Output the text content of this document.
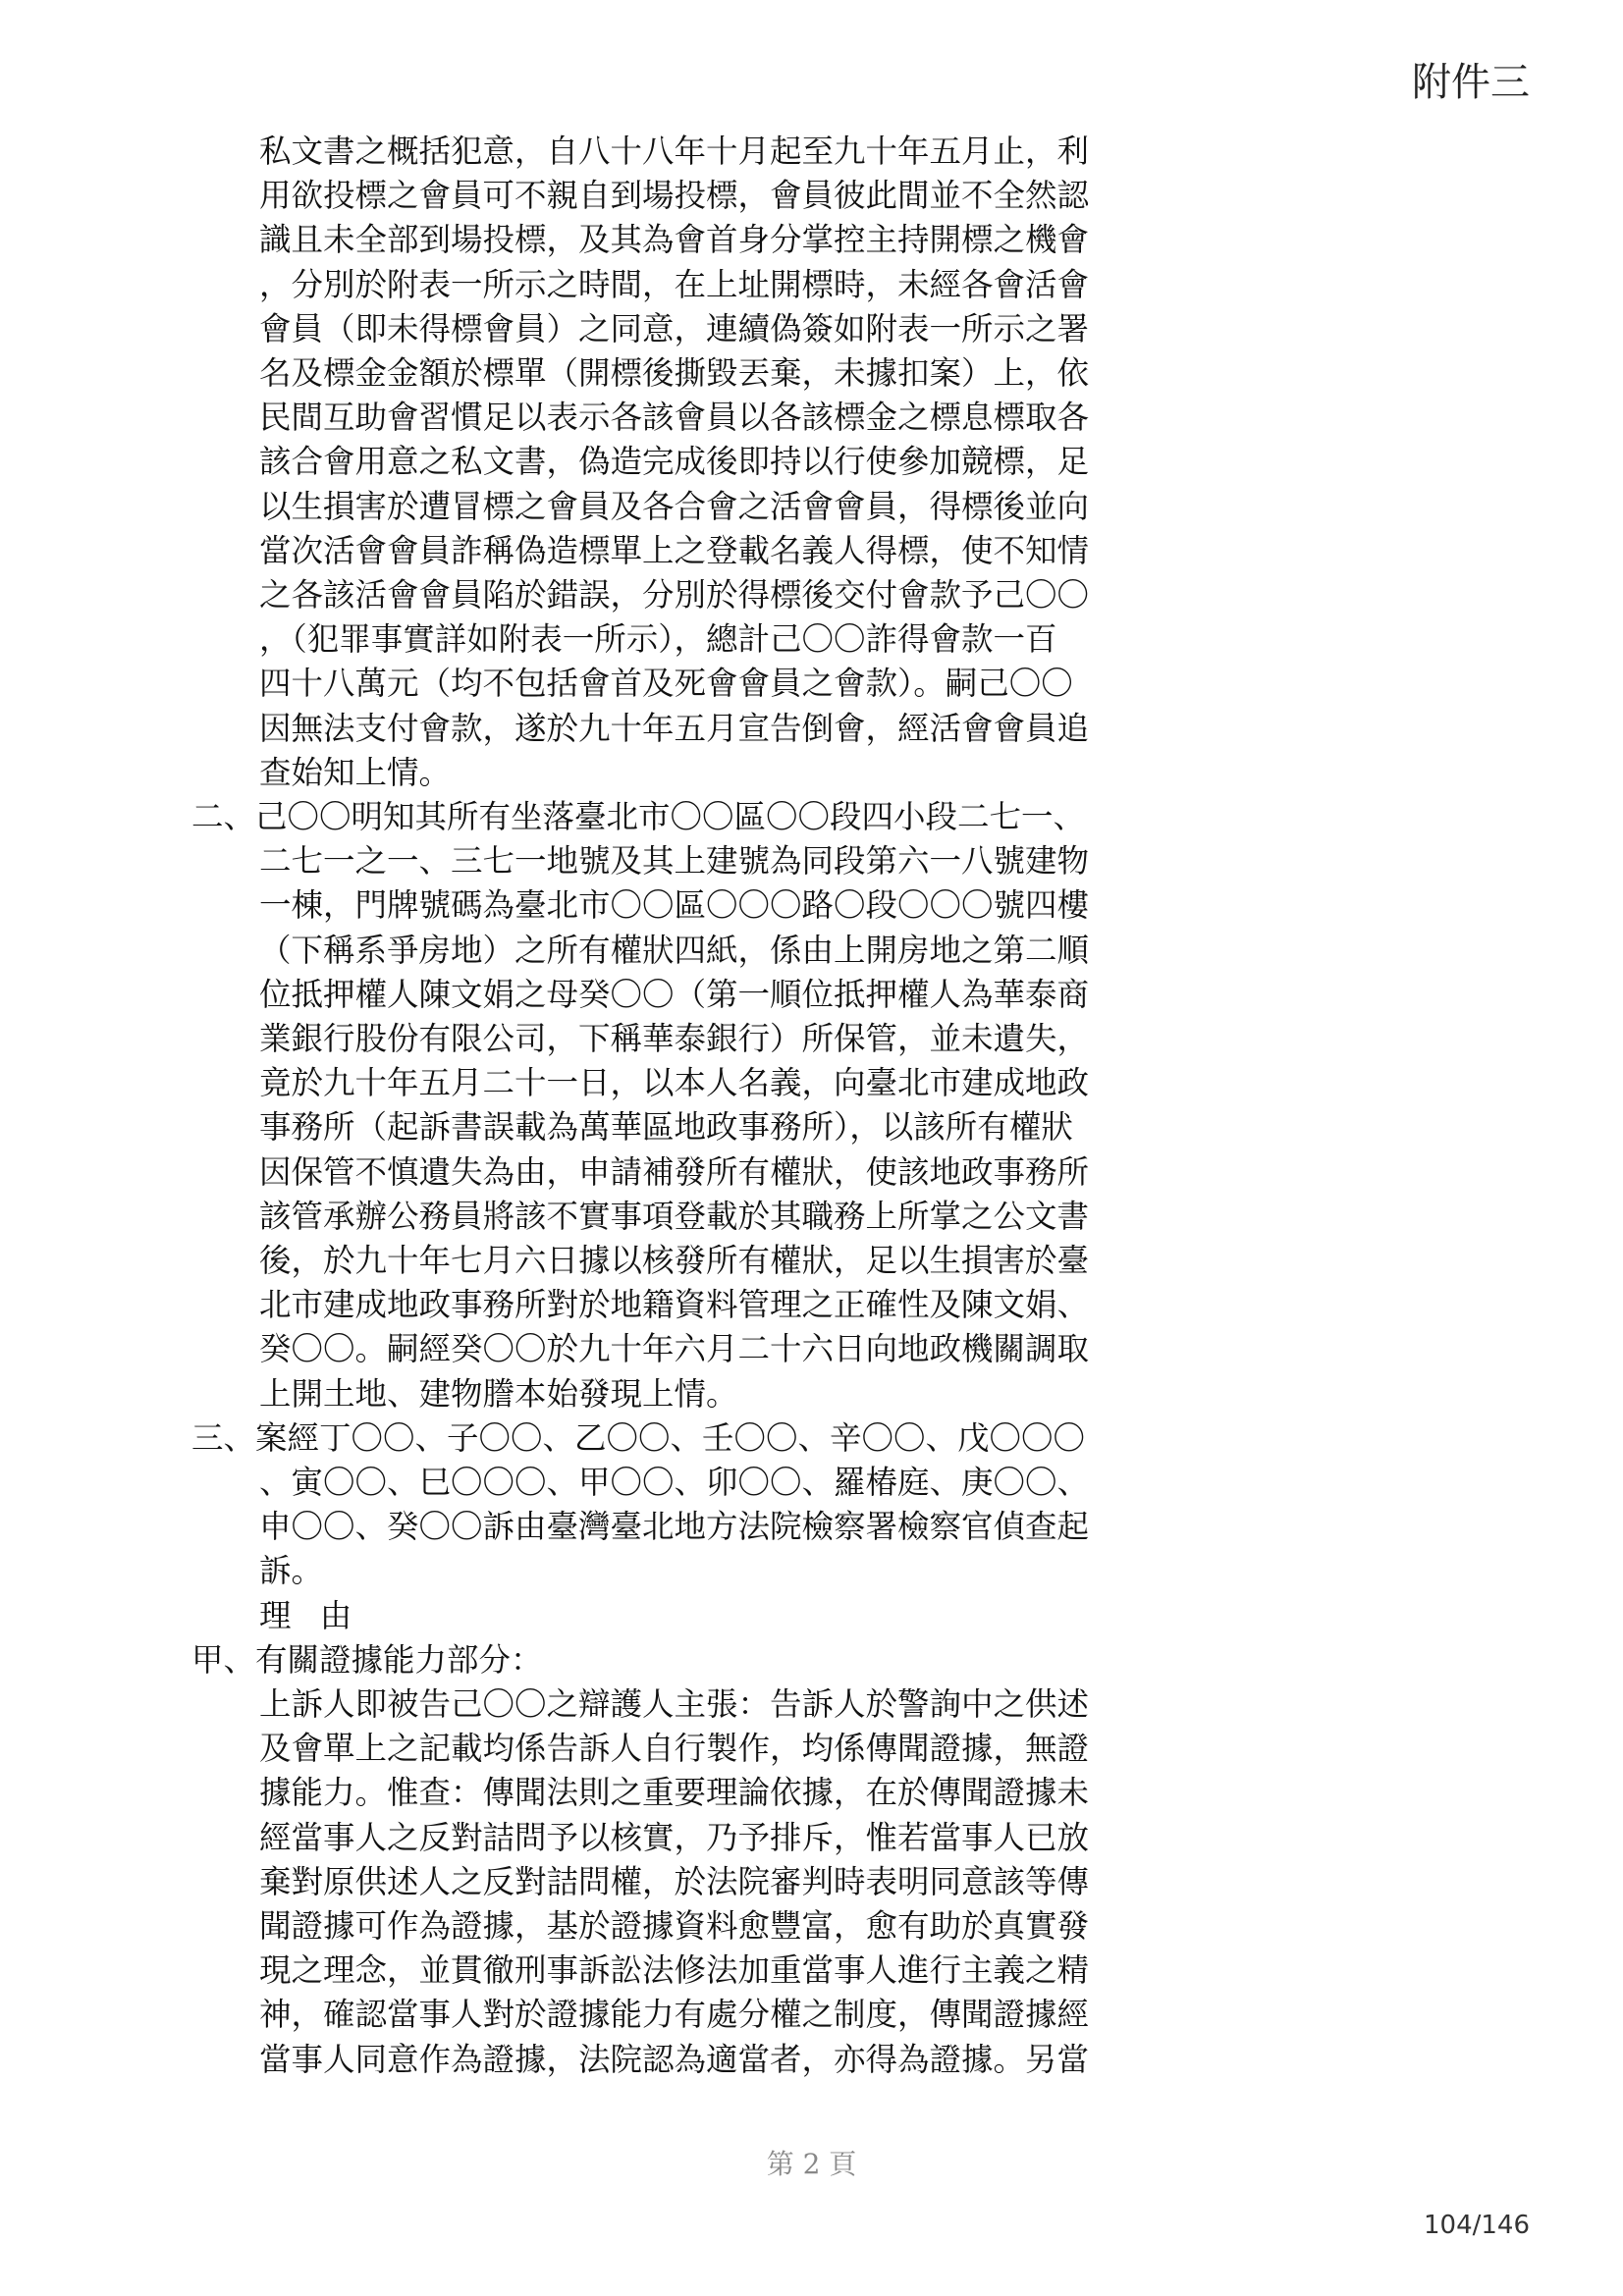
附件三
私文書之概括犯意，自八十八年十月起至九十年五月止，利
用欲投標之會員可不親自到場投標，會員彼此間並不全然認
識且未全部到場投標，及其為會首身分掌控主持開標之機會
，分別於附表一所示之時間，在上址開標時，未經各會活會
會員（即未得標會員）之同意，連續偽簽如附表一所示之署
名及標金金額於標單（開標後撕毀丟棄，未據扣案）上，依
民間互助會習慣足以表示各該會員以各該標金之標息標取各
該合會用意之私文書，偽造完成後即持以行使參加競標，足
以生損害於遭冒標之會員及各合會之活會會員，得標後並向
當次活會會員詐稱偽造標單上之登載名義人得標，使不知情
之各該活會會員陷於錯誤，分別於得標後交付會款予己〇〇
，（犯罪事實詳如附表一所示），總計己〇〇詐得會款一百
四十八萬元（均不包括會首及死會會員之會款）。嗣己〇〇
因無法支付會款，遂於九十年五月宣告倒會，經活會會員追
查始知上情。
二、己〇〇明知其所有坐落臺北市〇〇區〇〇段四小段二七一、
二七一之一、三七一地號及其上建號為同段第六一八號建物
一棟，門牌號碼為臺北市〇〇區〇〇〇路〇段〇〇〇號四樓
（下稱系爭房地）之所有權狀四紙，係由上開房地之第二順
位抵押權人陳文娟之母癸〇〇（第一順位抵押權人為華泰商
業銀行股份有限公司，下稱華泰銀行）所保管，並未遺失，
竟於九十年五月二十一日，以本人名義，向臺北市建成地政
事務所（起訴書誤載為萬華區地政事務所），以該所有權狀
因保管不慎遺失為由，申請補發所有權狀，使該地政事務所
該管承辦公務員將該不實事項登載於其職務上所掌之公文書
後，於九十年七月六日據以核發所有權狀，足以生損害於臺
北市建成地政事務所對於地籍資料管理之正確性及陳文娟、
癸〇〇。嗣經癸〇〇於九十年六月二十六日向地政機關調取
上開土地、建物謄本始發現上情。
三、案經丁〇〇、子〇〇、乙〇〇、壬〇〇、辛〇〇、戊〇〇〇
、寅〇〇、巳〇〇〇、甲〇〇、卯〇〇、羅椿庭、庚〇〇、
申〇〇、癸〇〇訴由臺灣臺北地方法院檢察署檢察官偵查起
訴。
理由
甲、有關證據能力部分：
上訴人即被告己〇〇之辯護人主張：告訴人於警詢中之供述
及會單上之記載均係告訴人自行製作，均係傳聞證據，無證
據能力。惟查：傳聞法則之重要理論依據，在於傳聞證據未
經當事人之反對詰問予以核實，乃予排斥，惟若當事人已放
棄對原供述人之反對詰問權，於法院審判時表明同意該等傳
聞證據可作為證據，基於證據資料愈豐富，愈有助於真實發
現之理念，並貫徹刑事訴訟法修法加重當事人進行主義之精
神，確認當事人對於證據能力有處分權之制度，傳聞證據經
當事人同意作為證據，法院認為適當者，亦得為證據。另當
第 2 頁
104/146
